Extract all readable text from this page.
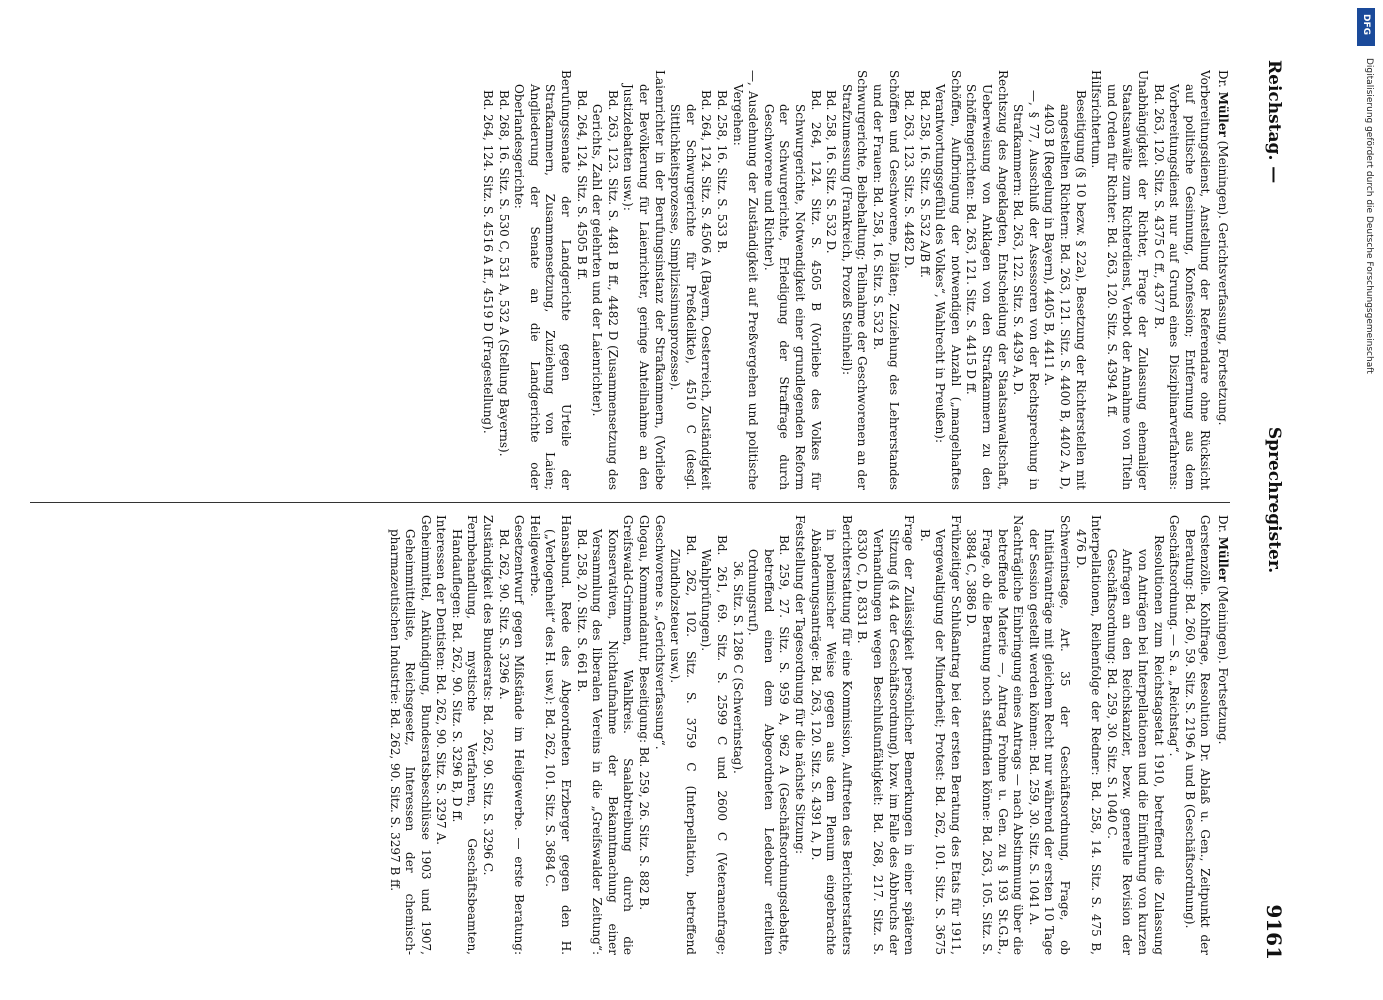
Reichstag. —
Sprechregister.
9161

Dr. Müller (Meiningen). Gerichtsverfassung, Fortsetzung.

Vorbereitungsdienst, Anstellung der Referendare ohne Rücksicht auf politische Gesinnung, Konfession; Entfernung aus dem Vorbereitungsdienst nur auf Grund eines Disziplinarverfahrens: Bd. 263, 120. Sitz. S. 4375 C ff., 4377 B.

Unabhängigkeit der Richter, Frage der Zulassung ehemaliger Staatsanwälte zum Richterdienst, Verbot der Annahme von Titeln und Orden für Richter: Bd. 263, 120. Sitz. S. 4394 A ff.

Hilfsrichtertum.

Beseitigung (§ 10 bezw. § 22a), Besetzung der Richterstellen mit angestellten Richtern: Bd. 263, 121. Sitz. S. 4400 B, 4402 A, D, 4403 B (Regelung in Bayern), 4405 B, 4411 A.

—, § 77, Ausschluß der Assessoren von der Rechtsprechung in Strafkammern: Bd. 263, 122. Sitz. S. 4439 A, D.

Rechtszug des Angeklagten, Entscheidung der Staatsanwaltschaft, Ueberweisung von Anklagen von den Strafkammern zu den Schöffengerichten: Bd. 263, 121. Sitz. S. 4415 D ff.

Schöffen, Aufbringung der notwendigen Anzahl („mangelhaftes Verantwortungsgefühl des Volkes“, Wahlrecht in Preußen):

Bd. 258, 16. Sitz. S. 532 A/B ff.

Bd. 263, 123. Sitz. S. 4482 D.

Schöffen und Geschworene, Diäten; Zuziehung des Lehrerstandes und der Frauen: Bd. 258, 16. Sitz. S. 532 B.

Schwurgerichte, Beibehaltung; Teilnahme der Geschworenen an der Strafzumessung (Frankreich, Prozeß Steinheil):

Bd. 258, 16. Sitz. S. 532 D.

Bd. 264, 124. Sitz. S. 4505 B (Vorliebe des Volkes für Schwurgerichte, Notwendigkeit einer grundlegenden Reform der Schwurgerichte, Erledigung der Straffrage durch Geschworene und Richter).

—, Ausdehnung der Zuständigkeit auf Preßvergehen und politische Vergehen:

Bd. 258, 16. Sitz. S. 533 B.

Bd. 264, 124. Sitz. S. 4506 A (Bayern, Oesterreich, Zuständigkeit der Schwurgerichte für Preßdelikte), 4510 C (desgl. Sittlichkeitsprozesse, Simplizissimusprozesse).

Laienrichter in der Berufungsinstanz der Strafkammern, (Vorliebe der Bevölkerung für Laienrichter, geringe Anteilnahme an den Justizdebatten usw.):

Bd. 263, 123. Sitz. S. 4481 B ff., 4482 D (Zusammensetzung des Gerichts, Zahl der gelehrten und der Laienrichter).

Bd. 264, 124. Sitz. S. 4505 B ff.

Berufungssenate der Landgerichte gegen Urteile der Strafkammern, Zusammensetzung, Zuziehung von Laien; Angliederung der Senate an die Landgerichte oder Oberlandesgerichte:

Bd. 268, 16. Sitz. S. 530 C, 531 A, 532 A (Stellung Bayerns).

Bd. 264, 124. Sitz. S. 4516 A ff., 4519 D (Fragestellung).

Dr. Müller (Meiningen). Fortsetzung.

Gerstenzölle. Kohlfrage, Resolution Dr. Ablaß u. Gen., Zeitpunkt der Beratung: Bd. 260, 59. Sitz. S. 2196 A und B (Geschäftsordnung).

Geschäftsordnung. — S. a. „Reichstag“.

Resolutionen zum Reichstagsetat 1910, betreffend die Zulassung von Anträgen bei Interpellationen und die Einführung von kurzen Anfragen an den Reichskanzler, bezw. generelle Revision der Geschäftsordnung: Bd. 259, 30. Sitz. S. 1040 C.

Interpellationen, Reihenfolge der Redner: Bd. 258, 14. Sitz. S. 475 B, 476 D.

Schwerinstage, Art. 35 der Geschäftsordnung, Frage, ob Initiativanträge mit gleichem Recht nur während der ersten 10 Tage der Session gestellt werden können: Bd. 259, 30. Sitz. S. 1041 A.

Nachträgliche Einbringung eines Antrags — nach Abstimmung über die betreffende Materie —, Antrag Frohme u. Gen. zu § 193 St.G.B., Frage, ob die Beratung noch stattfinden könne: Bd. 263, 105. Sitz. S. 3884 C, 3886 D.

Frühzeitiger Schlußantrag bei der ersten Beratung des Etats für 1911, Vergewaltigung der Minderheit; Protest: Bd. 262, 101. Sitz. S. 3675 B.

Frage der Zulässigkeit persönlicher Bemerkungen in einer späteren Sitzung (§ 44 der Geschäftsordnung), bzw. im Falle des Abbruchs der Verhandlungen wegen Beschlußunfähigkeit: Bd. 268, 217. Sitz. S. 8330 C, D, 8331 B.

Berichterstattung für eine Kommission, Auftreten des Berichterstatters in polemischer Weise gegen aus dem Plenum eingebrachte Abänderungsanträge: Bd. 263, 120. Sitz. S. 4391 A, D.

Feststellung der Tagesordnung für die nächste Sitzung:

Bd. 259, 27. Sitz. S. 959 A, 962 A (Geschäftsordnungsdebatte, betreffend einen dem Abgeordneten Ledebour erteilten Ordnungsruf).

36. Sitz. S. 1286 C (Schwerinstag).

Bd. 261, 69. Sitz. S. 2599 C und 2600 C (Veteranenfrage; Wahlprüfungen).

Bd. 262, 102. Sitz. S. 3759 C (Interpellation, betreffend Zündholzsteuer usw.).

Geschworene s. „Gerichtsverfassung“.

Glogau, Kommandantur, Beseitigung: Bd. 259, 26. Sitz. S. 882 B.

Greifswald-Grimmen, Wahlkreis. Saalabtreibung durch die Konservativen, Nichtaufnahme der Bekanntmachung einer Versammlung des liberalen Vereins in die „Greifswalder Zeitung“: Bd. 258, 20. Sitz. S. 661 B.

Hansabund. Rede des Abgeordneten Erzberger gegen den H. („Verlogenheit“ des H. usw.): Bd. 262, 101. Sitz. S. 3684 C.

Heilgewerbe.

Gesetzentwurf gegen Mißstände im Heilgewerbe. — erste Beratung: Bd. 262, 90. Sitz. S. 3296 A.

Zuständigkeit des Bundesrats: Bd. 262, 90. Sitz. S. 3296 C.

Fernbehandlung, mystische Verfahren, Geschäftsbeamten, Handauflegen: Bd. 262, 90. Sitz. S. 3296 B, D ff.

Interessen der Dentisten: Bd. 262, 90. Sitz. S. 3297 A.

Geheimmittel, Ankündigung, Bundesratsbeschlüsse 1903 und 1907, Geheimmittelliste, Reichsgesetz, Interessen der chemisch-pharmazeutischen Industrie: Bd. 262, 90. Sitz. S. 3297 B ff.

Digitalisierung gefördert durch die Deutsche Forschungsgemeinschaft
DFG
